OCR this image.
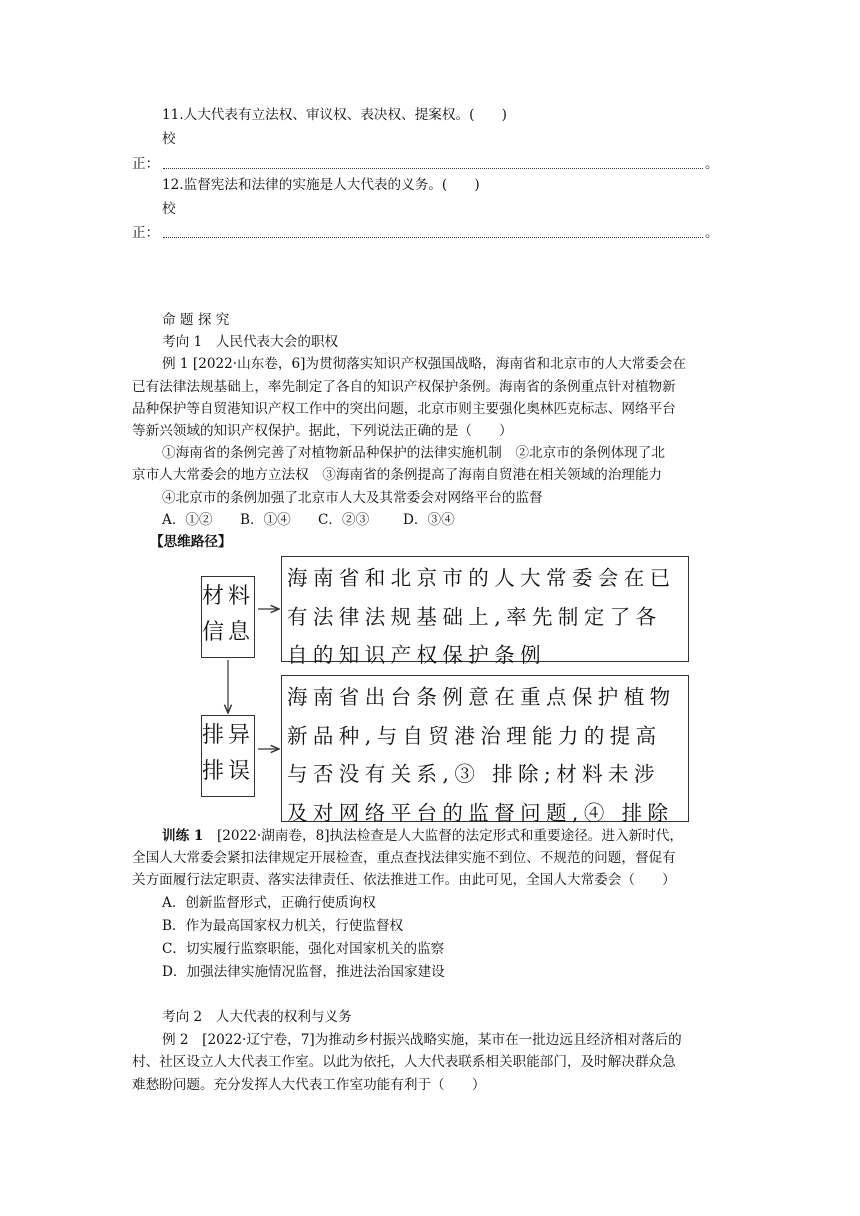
11.人大代表有立法权、审议权、表决权、提案权。(　　)
校
正：	。
12.监督宪法和法律的实施是人大代表的义务。(　　)
校
正：	。
命 题 探 究
考向 1　人民代表大会的职权
例 1 [2022·山东卷，6]为贯彻落实知识产权强国战略，海南省和北京市的人大常委会在
已有法律法规基础上，率先制定了各自的知识产权保护条例。海南省的条例重点针对植物新
品种保护等自贸港知识产权工作中的突出问题，北京市则主要强化奥林匹克标志、网络平台
等新兴领域的知识产权保护。据此，下列说法正确的是（　　）
①海南省的条例完善了对植物新品种保护的法律实施机制　②北京市的条例体现了北
京市人大常委会的地方立法权　③海南省的条例提高了海南自贸港在相关领域的治理能力
④北京市的条例加强了北京市人大及其常委会对网络平台的监督
A．①② B．①④ C．②③ D．③④
【思维路径】
材料信息
海南省和北京市的人大常委会在已有法律法规基础上,率先制定了各自的知识产权保护条例
排异排误
海南省出台条例意在重点保护植物新品种,与自贸港治理能力的提高与否没有关系,③ 排除;材料未涉及对网络平台的监督问题,④ 排除
训练 1　[2022·湖南卷，8]执法检查是人大监督的法定形式和重要途径。进入新时代，
全国人大常委会紧扣法律规定开展检查，重点查找法律实施不到位、不规范的问题，督促有
关方面履行法定职责、落实法律责任、依法推进工作。由此可见，全国人大常委会（　　）
A．创新监督形式，正确行使质询权
B．作为最高国家权力机关，行使监督权
C．切实履行监察职能，强化对国家机关的监察
D．加强法律实施情况监督，推进法治国家建设
考向 2　人大代表的权利与义务
例 2　[2022·辽宁卷，7]为推动乡村振兴战略实施，某市在一批边远且经济相对落后的
村、社区设立人大代表工作室。以此为依托，人大代表联系相关职能部门，及时解决群众急
难愁盼问题。充分发挥人大代表工作室功能有利于（　　）
